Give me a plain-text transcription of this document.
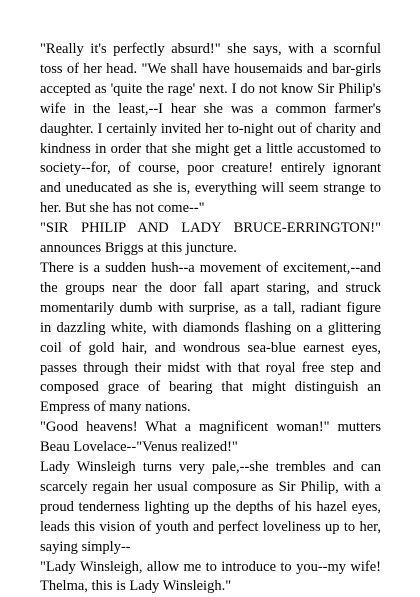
"Really it's perfectly absurd!" she says, with a scornful toss of her head. "We shall have housemaids and bar-girls accepted as 'quite the rage' next. I do not know Sir Philip's wife in the least,--I hear she was a common farmer's daughter. I certainly invited her to-night out of charity and kindness in order that she might get a little accustomed to society--for, of course, poor creature! entirely ignorant and uneducated as she is, everything will seem strange to her. But she has not come--"

"SIR PHILIP AND LADY BRUCE-ERRINGTON!" announces Briggs at this juncture.

There is a sudden hush--a movement of excitement,--and the groups near the door fall apart staring, and struck momentarily dumb with surprise, as a tall, radiant figure in dazzling white, with diamonds flashing on a glittering coil of gold hair, and wondrous sea-blue earnest eyes, passes through their midst with that royal free step and composed grace of bearing that might distinguish an Empress of many nations.

"Good heavens! What a magnificent woman!" mutters Beau Lovelace--"Venus realized!"

Lady Winsleigh turns very pale,--she trembles and can scarcely regain her usual composure as Sir Philip, with a proud tenderness lighting up the depths of his hazel eyes, leads this vision of youth and perfect loveliness up to her, saying simply--

"Lady Winsleigh, allow me to introduce to you--my wife! Thelma, this is Lady Winsleigh."
